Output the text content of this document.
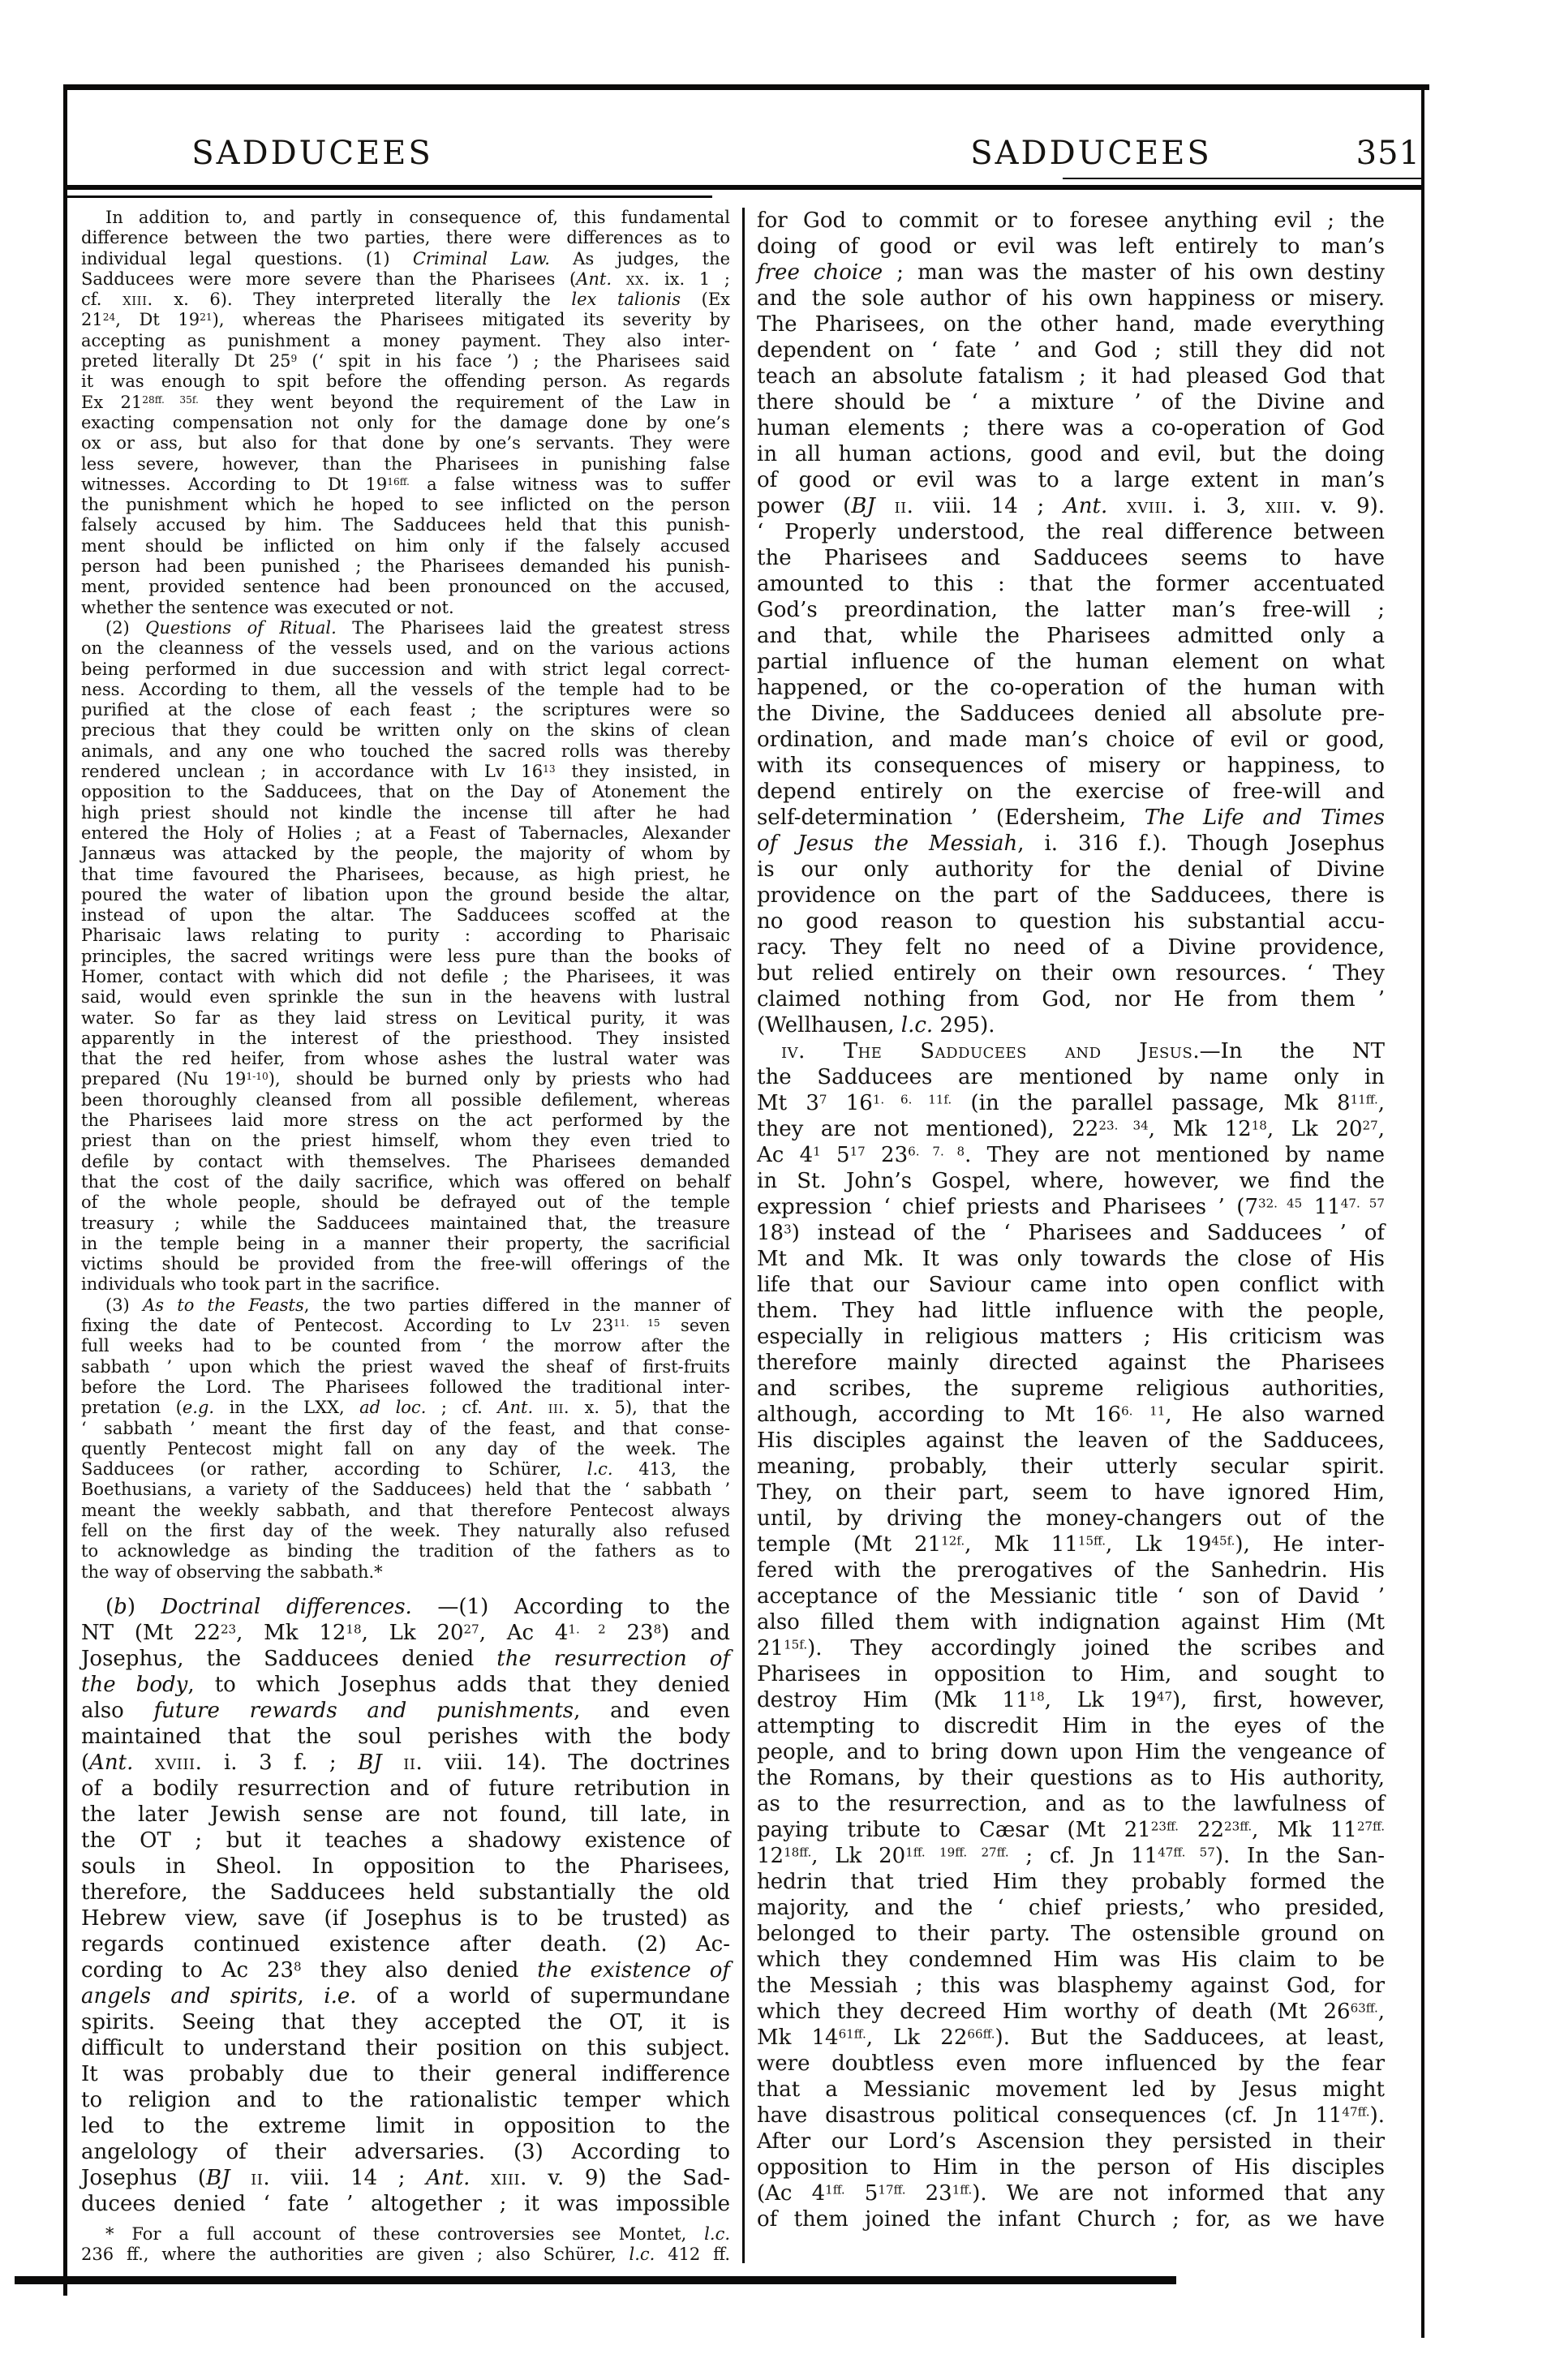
SADDUCEES	SADDUCEES	351
In addition to, and partly in consequence of, this fundamental
difference between the two parties, there were differences as to
individual legal questions. (1) Criminal Law. As judges, the
Sadducees were more severe than the Pharisees (Ant. xx. ix. 1 ;
cf. xiii. x. 6). They interpreted literally the lex talionis (Ex
$21^{24}$, Dt $19^{21}$), whereas the Pharisees mitigated its severity by
accepting as punishment a money payment. They also inter-
preted literally Dt $25^9$ (‘ spit in his face ’) ; the Pharisees said
it was enough to spit before the offending person. As regards
Ex $21^{28ff. 35f.}$ they went beyond the requirement of the Law in
exacting compensation not only for the damage done by one’s
ox or ass, but also for that done by one’s servants. They were
less severe, however, than the Pharisees in punishing false
witnesses. According to Dt $19^{16ff.}$ a false witness was to suffer
the punishment which he hoped to see inflicted on the person
falsely accused by him. The Sadducees held that this punish-
ment should be inflicted on him only if the falsely accused
person had been punished ; the Pharisees demanded his punish-
ment, provided sentence had been pronounced on the accused,
whether the sentence was executed or not.
(2) Questions of Ritual. The Pharisees laid the greatest stress
on the cleanness of the vessels used, and on the various actions
being performed in due succession and with strict legal correct-
ness. According to them, all the vessels of the temple had to be
purified at the close of each feast ; the scriptures were so
precious that they could be written only on the skins of clean
animals, and any one who touched the sacred rolls was thereby
rendered unclean ; in accordance with Lv $16^{13}$ they insisted, in
opposition to the Sadducees, that on the Day of Atonement the
high priest should not kindle the incense till after he had
entered the Holy of Holies ; at a Feast of Tabernacles, Alexander
Jannæus was attacked by the people, the majority of whom by
that time favoured the Pharisees, because, as high priest, he
poured the water of libation upon the ground beside the altar,
instead of upon the altar. The Sadducees scoffed at the
Pharisaic laws relating to purity : according to Pharisaic
principles, the sacred writings were less pure than the books of
Homer, contact with which did not defile ; the Pharisees, it was
said, would even sprinkle the sun in the heavens with lustral
water. So far as they laid stress on Levitical purity, it was
apparently in the interest of the priesthood. They insisted
that the red heifer, from whose ashes the lustral water was
prepared (Nu 19$^{1-10}$), should be burned only by priests who had
been thoroughly cleansed from all possible defilement, whereas
the Pharisees laid more stress on the act performed by the
priest than on the priest himself, whom they even tried to
defile by contact with themselves. The Pharisees demanded
that the cost of the daily sacrifice, which was offered on behalf
of the whole people, should be defrayed out of the temple
treasury ; while the Sadducees maintained that, the treasure
in the temple being in a manner their property, the sacrificial
victims should be provided from the free-will offerings of the
individuals who took part in the sacrifice.
(3) As to the Feasts, the two parties differed in the manner of
fixing the date of Pentecost. According to Lv $23^{11. 15}$ seven
full weeks had to be counted from ‘ the morrow after the
sabbath ’ upon which the priest waved the sheaf of first-fruits
before the Lord. The Pharisees followed the traditional inter-
pretation (e.g. in the LXX, ad loc. ; cf. Ant. iii. x. 5), that the
‘ sabbath ’ meant the first day of the feast, and that conse-
quently Pentecost might fall on any day of the week. The
Sadducees (or rather, according to Schürer, l.c. 413, the
Boethusians, a variety of the Sadducees) held that the ‘ sabbath ’
meant the weekly sabbath, and that therefore Pentecost always
fell on the first day of the week. They naturally also refused
to acknowledge as binding the tradition of the fathers as to
the way of observing the sabbath.*
(b) Doctrinal differences. —(1) According to the
NT (Mt $22^{23}$, Mk $12^{18}$, Lk $20^{27}$, Ac $4^{1. 2}$ $23^8$) and
Josephus, the Sadducees denied the resurrection of
the body, to which Josephus adds that they denied
also future rewards and punishments, and even
maintained that the soul perishes with the body
(Ant. xviii. i. 3 f. ; BJ ii. viii. 14). The doctrines
of a bodily resurrection and of future retribution in
the later Jewish sense are not found, till late, in
the OT ; but it teaches a shadowy existence of
souls in Sheol. In opposition to the Pharisees,
therefore, the Sadducees held substantially the old
Hebrew view, save (if Josephus is to be trusted) as
regards continued existence after death. (2) Ac-
cording to Ac $23^8$ they also denied the existence of
angels and spirits, i.e. of a world of supermundane
spirits. Seeing that they accepted the OT, it is
difficult to understand their position on this subject.
It was probably due to their general indifference
to religion and to the rationalistic temper which
led to the extreme limit in opposition to the
angelology of their adversaries. (3) According to
Josephus (BJ ii. viii. 14 ; Ant. xiii. v. 9) the Sad-
ducees denied ‘ fate ’ altogether ; it was impossible
* For a full account of these controversies see Montet, l.c.
236 ff., where the authorities are given ; also Schürer, l.c. 412 ff.
for God to commit or to foresee anything evil ; the
doing of good or evil was left entirely to man’s
free choice ; man was the master of his own destiny
and the sole author of his own happiness or misery.
The Pharisees, on the other hand, made everything
dependent on ‘ fate ’ and God ; still they did not
teach an absolute fatalism ; it had pleased God that
there should be ‘ a mixture ’ of the Divine and
human elements ; there was a co-operation of God
in all human actions, good and evil, but the doing
of good or evil was to a large extent in man’s
power (BJ ii. viii. 14 ; Ant. xviii. i. 3, xiii. v. 9).
‘ Properly understood, the real difference between
the Pharisees and Sadducees seems to have
amounted to this : that the former accentuated
God’s preordination, the latter man’s free-will ;
and that, while the Pharisees admitted only a
partial influence of the human element on what
happened, or the co-operation of the human with
the Divine, the Sadducees denied all absolute pre-
ordination, and made man’s choice of evil or good,
with its consequences of misery or happiness, to
depend entirely on the exercise of free-will and
self-determination ’ (Edersheim, The Life and Times
of Jesus the Messiah, i. 316 f.). Though Josephus
is our only authority for the denial of Divine
providence on the part of the Sadducees, there is
no good reason to question his substantial accu-
racy. They felt no need of a Divine providence,
but relied entirely on their own resources. ‘ They
claimed nothing from God, nor He from them ’
(Wellhausen, l.c. 295).
iv. The Sadducees and Jesus.—In the NT
the Sadducees are mentioned by name only in
Mt $3^7$ $16^{1. 6. 11f.}$ (in the parallel passage, Mk $8^{11ff.}$,
they are not mentioned), $22^{23. 34}$, Mk $12^{18}$, Lk $20^{27}$,
Ac $4^1$ $5^{17}$ $23^{6. 7. 8}$. They are not mentioned by name
in St. John’s Gospel, where, however, we find the
expression ‘ chief priests and Pharisees ’ ($7^{32. 45}$ $11^{47. 57}$
$18^3$) instead of the ‘ Pharisees and Sadducees ’ of
Mt and Mk. It was only towards the close of His
life that our Saviour came into open conflict with
them. They had little influence with the people,
especially in religious matters ; His criticism was
therefore mainly directed against the Pharisees
and scribes, the supreme religious authorities,
although, according to Mt $16^{6. 11}$, He also warned
His disciples against the leaven of the Sadducees,
meaning, probably, their utterly secular spirit.
They, on their part, seem to have ignored Him,
until, by driving the money-changers out of the
temple (Mt $21^{12f.}$, Mk $11^{15ff.}$, Lk $19^{45f.}$), He inter-
fered with the prerogatives of the Sanhedrin. His
acceptance of the Messianic title ‘ son of David ’
also filled them with indignation against Him (Mt
$21^{15f.}$). They accordingly joined the scribes and
Pharisees in opposition to Him, and sought to
destroy Him (Mk $11^{18}$, Lk $19^{47}$), first, however,
attempting to discredit Him in the eyes of the
people, and to bring down upon Him the vengeance of
the Romans, by their questions as to His authority,
as to the resurrection, and as to the lawfulness of
paying tribute to Cæsar (Mt $21^{23ff.}$ $22^{23ff.}$, Mk $11^{27ff.}$
$12^{18ff.}$, Lk $20^{1ff. 19ff. 27ff.}$ ; cf. Jn $11^{47ff. 57}$). In the San-
hedrin that tried Him they probably formed the
majority, and the ‘ chief priests,’ who presided,
belonged to their party. The ostensible ground on
which they condemned Him was His claim to be
the Messiah ; this was blasphemy against God, for
which they decreed Him worthy of death (Mt $26^{63ff.}$,
Mk $14^{61ff.}$, Lk $22^{66ff.}$). But the Sadducees, at least,
were doubtless even more influenced by the fear
that a Messianic movement led by Jesus might
have disastrous political consequences (cf. Jn $11^{47ff.}$).
After our Lord’s Ascension they persisted in their
opposition to Him in the person of His disciples
(Ac $4^{1ff.}$ $5^{17ff.}$ $23^{1ff.}$). We are not informed that any
of them joined the infant Church ; for, as we have
